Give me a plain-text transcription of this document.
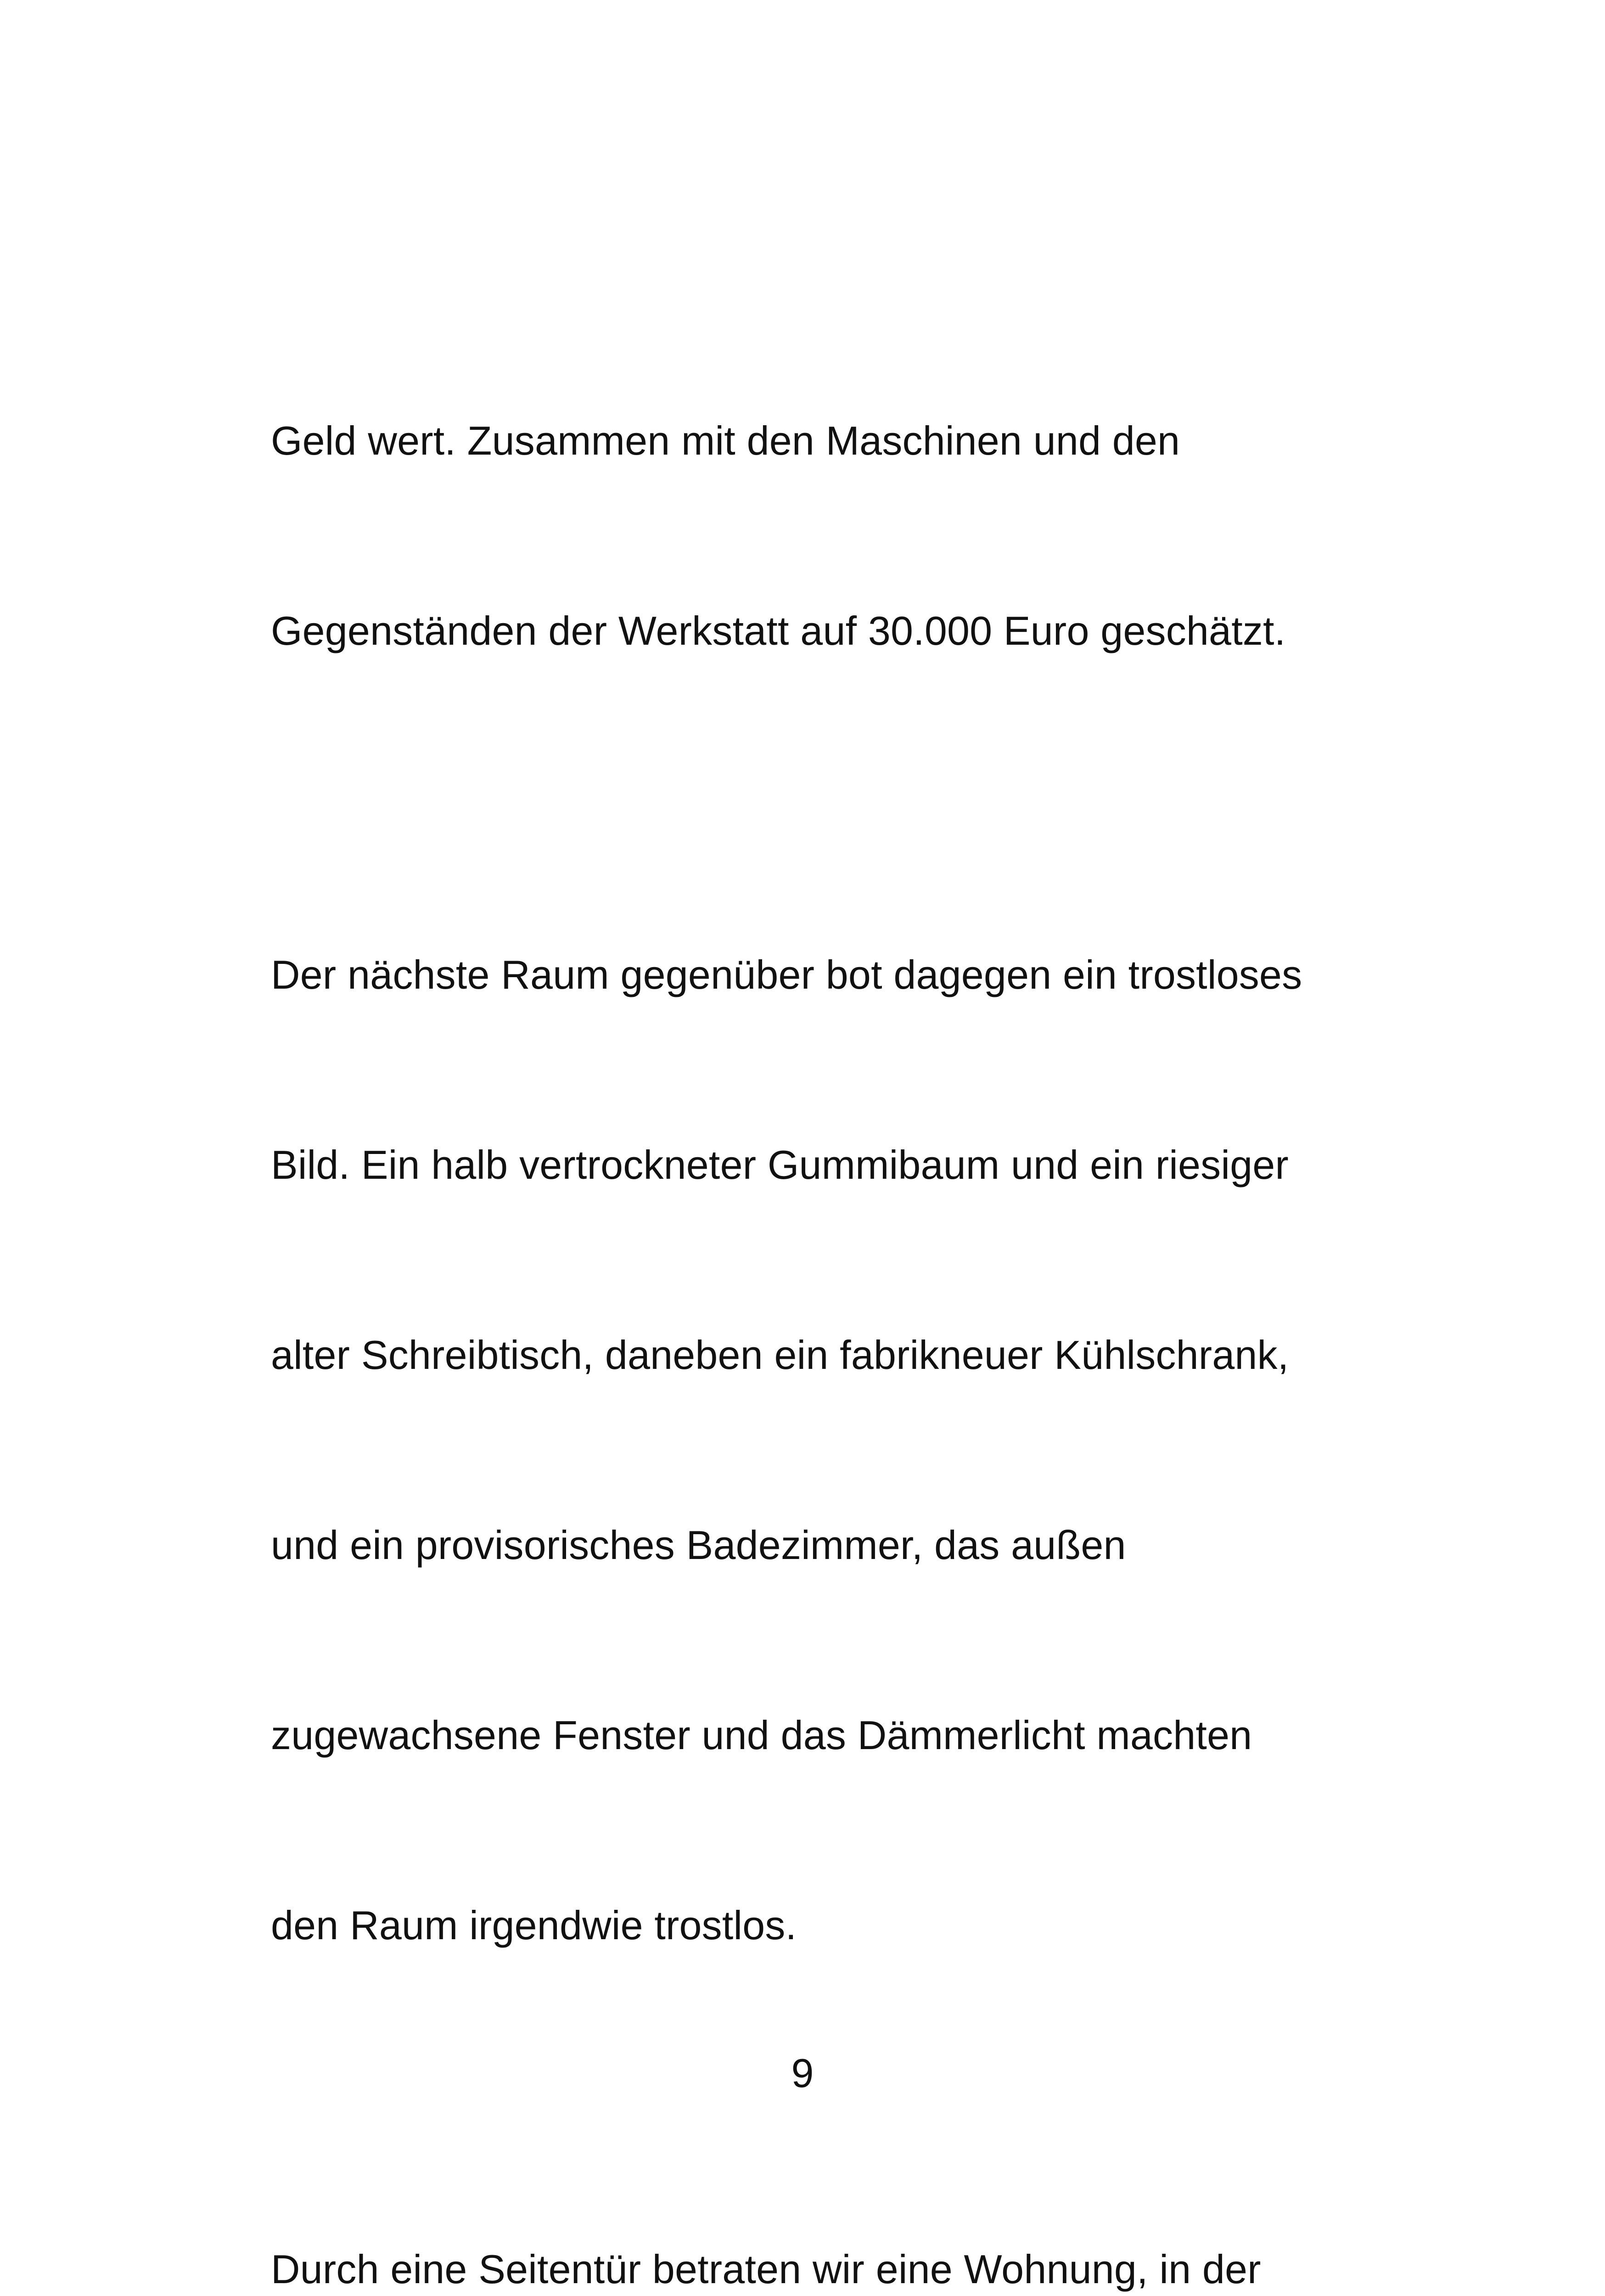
Geld wert. Zusammen mit den Maschinen und den

Gegenständen der Werkstatt auf 30.000 Euro geschätzt.

Der nächste Raum gegenüber bot dagegen ein trostloses

Bild. Ein halb vertrockneter Gummibaum und ein riesiger

alter Schreibtisch, daneben ein fabrikneuer Kühlschrank,

und ein provisorisches Badezimmer, das außen

zugewachsene Fenster und das Dämmerlicht machten

den Raum irgendwie trostlos.

Durch eine Seitentür betraten wir eine Wohnung, in der

9
